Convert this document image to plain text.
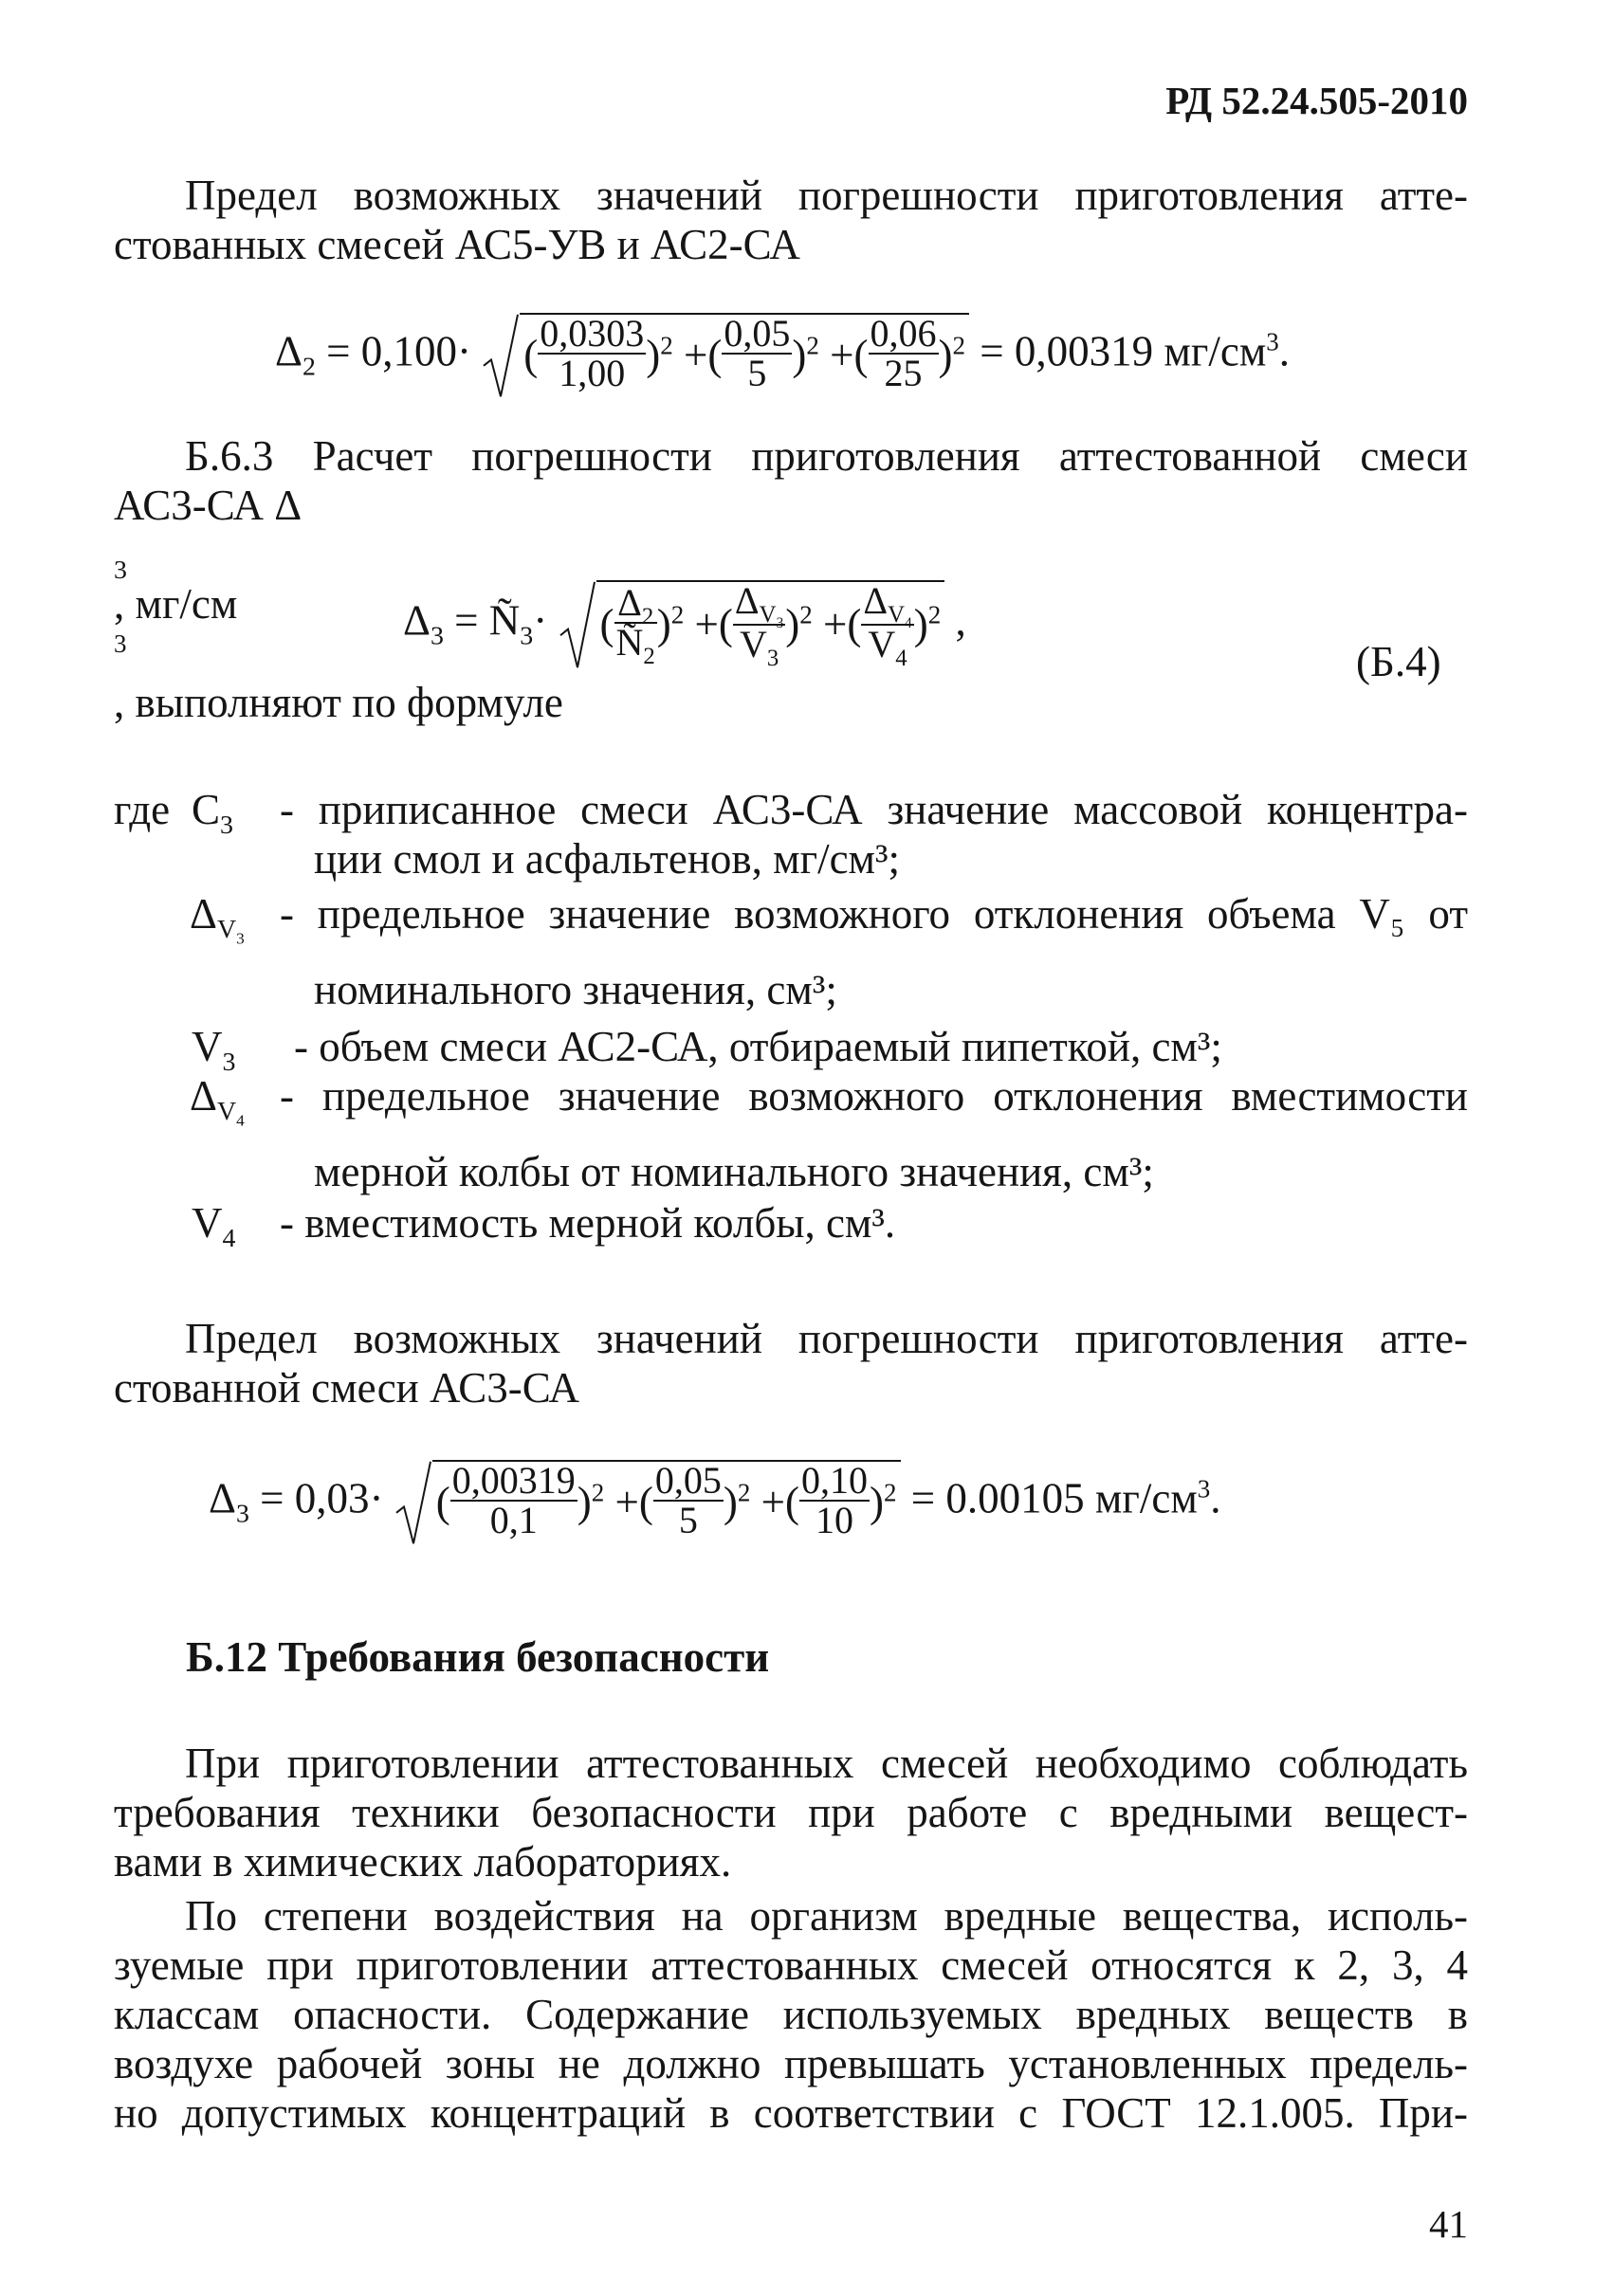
РД 52.24.505-2010
Предел возможных значений погрешности приготовления атте-
стованных смесей АС5-УВ и АС2-СА
$\Delta_2 = 0,100\cdot$ ( $\frac{0,0303}{1,00} )^2$ +( $\frac{0,05}{5} )^2$ +( $\frac{0,06}{25} )^2 = 0,00319$ $мг/см^3$.
Б.6.3 Расчет погрешности приготовления аттестованной смеси
АС3-СА Δ
$_3$
, мг/см
$^3$
, выполняют по формуле
$\Delta_3$ = $Ñ_3\cdot$ ( $\frac{\Delta_2}{Ñ_2} )^2$ +( $\frac{\Delta_{V_3}}{V_3} )^2$ +( $\frac{\Delta_{V_4}}{V_4} )^2$ ,
(Б.4)
где $C_3$ - приписанное смеси АС3-СА значение массовой концентра-
ции смол и асфальтенов, мг/см³;
$\Delta_{V_3}$
- предельное значение возможного отклонения объема V₅ от
номинального значения, см³;
$V_3$	- объем смеси АС2-СА, отбираемый пипеткой, см³;
$\Delta_{V_4}$
- предельное значение возможного отклонения вместимости
мерной колбы от номинального значения, см³;
$V_4$ - вместимость мерной колбы, см³.
Предел возможных значений погрешности приготовления атте-
стованной смеси АС3-СА
$\Delta_3 = 0,03\cdot$ ( $\frac{0,00319}{0,1} )^2$ +( $\frac{0,05}{5} )^2$ +( $\frac{0,10}{10} )^2 = 0.00105$ $мг/см^3$.
Б.12 Требования безопасности
При приготовлении аттестованных смесей необходимо соблюдать
требования техники безопасности при работе с вредными вещест-
вами в химических лабораториях.
По степени воздействия на организм вредные вещества, исполь-
зуемые при приготовлении аттестованных смесей относятся к 2, 3, 4
классам опасности. Содержание используемых вредных веществ в
воздухе рабочей зоны не должно превышать установленных предель-
но допустимых концентраций в соответствии с ГОСТ 12.1.005. При-
41
